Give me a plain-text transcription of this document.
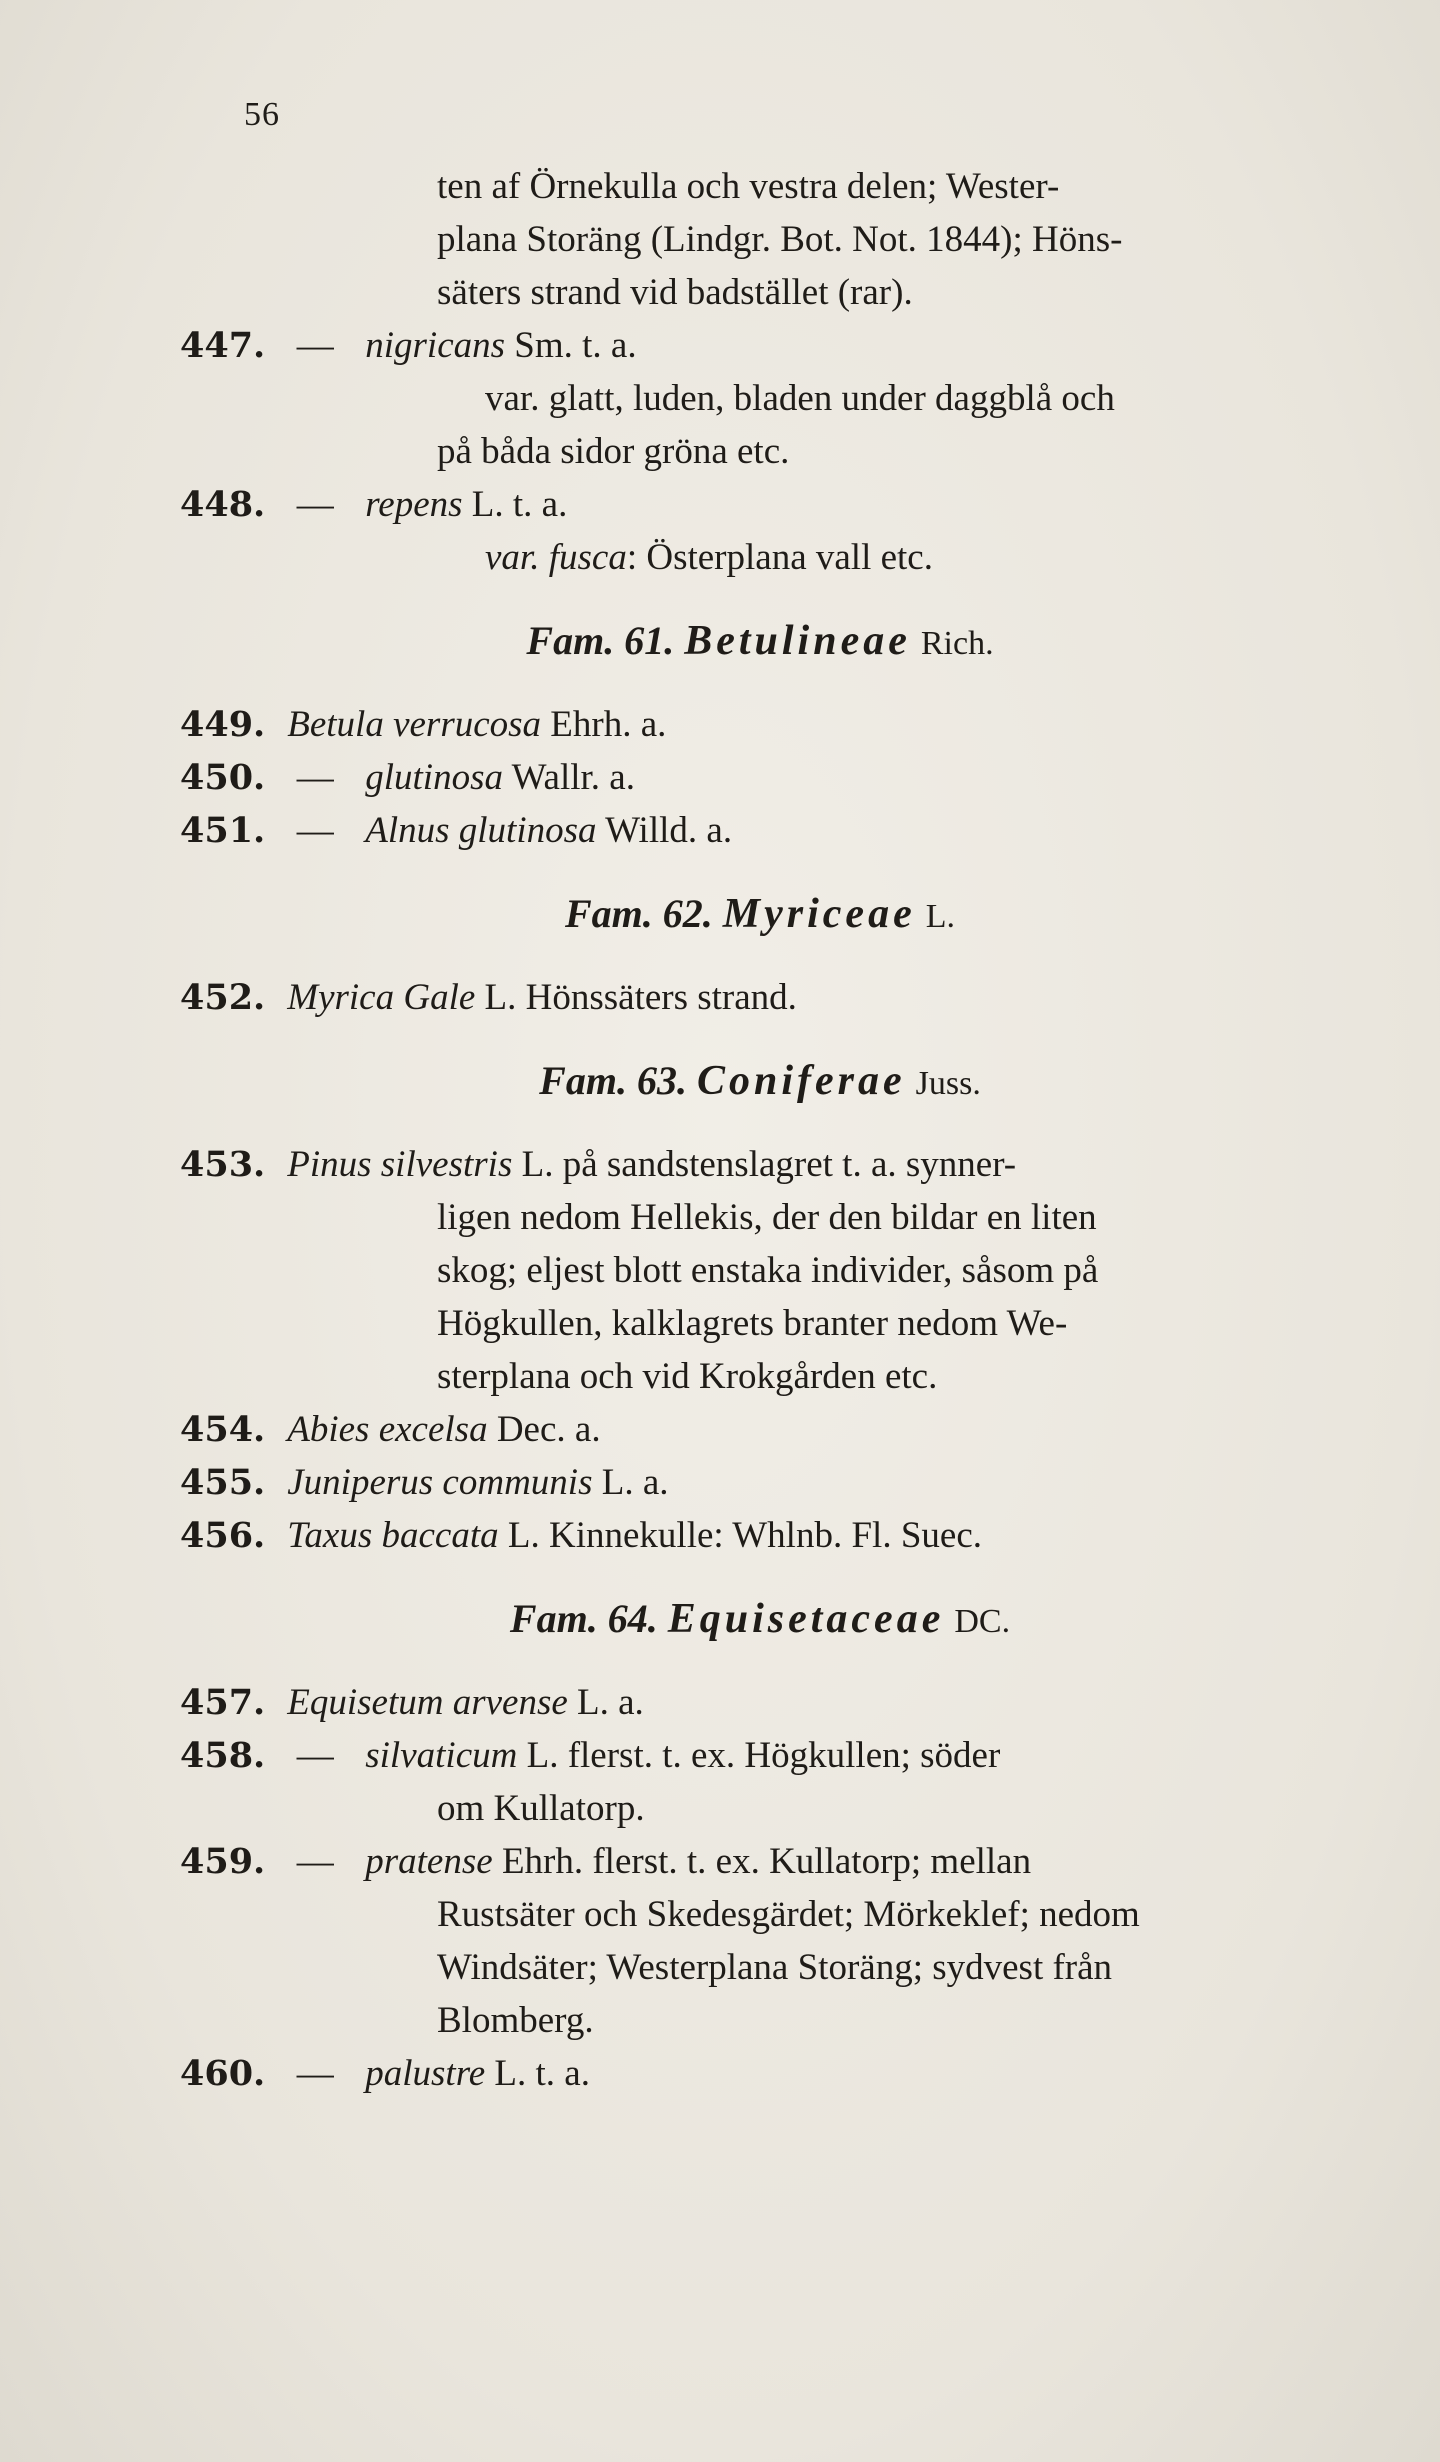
56
ten af Örnekulla och vestra delen; Wester-
plana Storäng (Lindgr. Bot. Not. 1844); Höns-
säters strand vid badstället (rar).
447. — nigricans Sm. t. a.
var. glatt, luden, bladen under daggblå och
på båda sidor gröna etc.
448. — repens L. t. a.
var. fusca: Österplana vall etc.
Fam. 61. Betulineae Rich.
449. Betula verrucosa Ehrh. a.
450. — glutinosa Wallr. a.
451. — Alnus glutinosa Willd. a.
Fam. 62. Myriceae L.
452. Myrica Gale L. Hönssäters strand.
Fam. 63. Coniferae Juss.
453. Pinus silvestris L. på sandstenslagret t. a. synner-
ligen nedom Hellekis, der den bildar en liten
skog; eljest blott enstaka individer, såsom på
Högkullen, kalklagrets branter nedom We-
sterplana och vid Krokgården etc.
454. Abies excelsa Dec. a.
455. Juniperus communis L. a.
456. Taxus baccata L. Kinnekulle: Whlnb. Fl. Suec.
Fam. 64. Equisetaceae DC.
457. Equisetum arvense L. a.
458. — silvaticum L. flerst. t. ex. Högkullen; söder
om Kullatorp.
459. — pratense Ehrh. flerst. t. ex. Kullatorp; mellan
Rustsäter och Skedesgärdet; Mörkeklef; nedom
Windsäter; Westerplana Storäng; sydvest från
Blomberg.
460. — palustre L. t. a.
